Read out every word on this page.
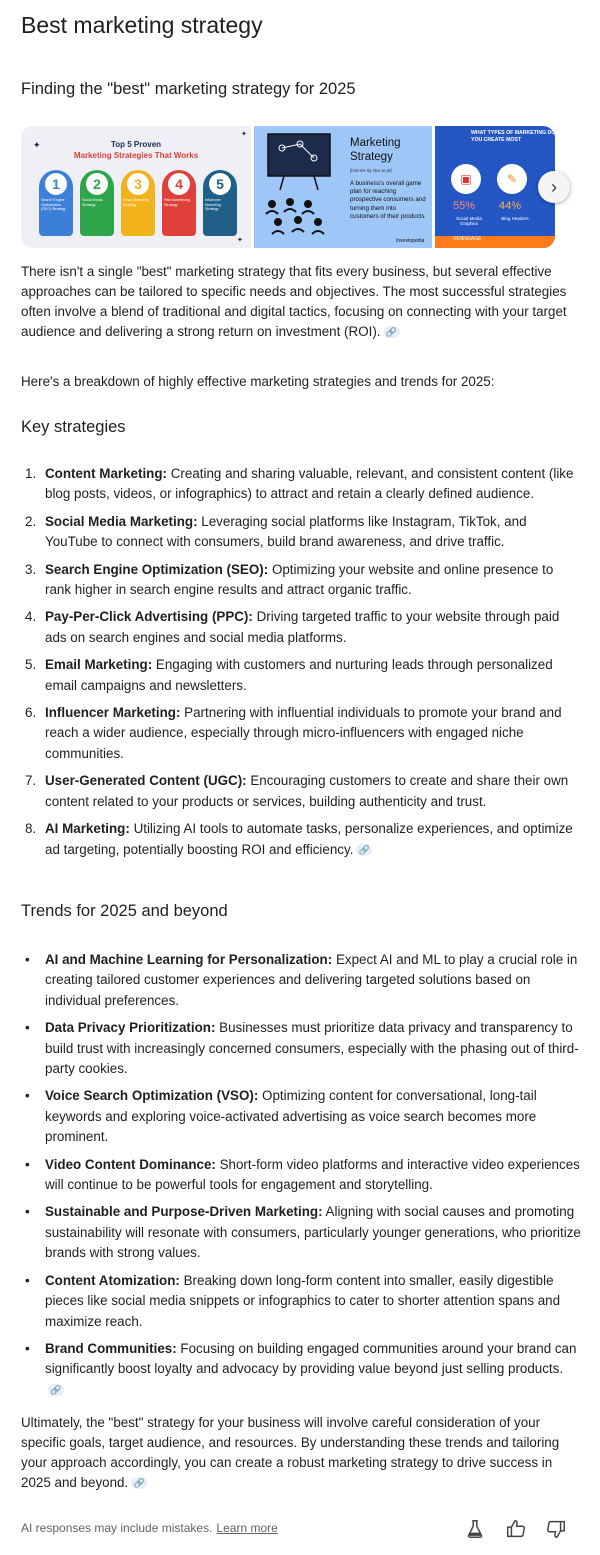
Best marketing strategy
Finding the "best" marketing strategy for 2025
✦
✦
✦
Top 5 Proven
Marketing Strategies That Works
1
Search Engine Optimization (SEO) Strategy
2
Social Media Strategy
3
Email Marketing Strategy
4
Paid Advertising Strategy
5
Influencer Marketing Strategy
Marketing Strategy
[mär-ke-tiŋ stra-te-jē]
A business's overall game plan for reaching prospective consumers and turning them into customers of their products
Investopedia
WHAT TYPES OF MARKETING DO YOU CREATE MOST
▣	✎
55% 44%
Social Media Graphics
Blog Headers
VENNGAGE
›
There isn't a single "best" marketing strategy that fits every business, but several effective approaches can be tailored to specific needs and objectives. The most successful strategies often involve a blend of traditional and digital tactics, focusing on connecting with your target audience and delivering a strong return on investment (ROI). 🔗
Here's a breakdown of highly effective marketing strategies and trends for 2025:
Key strategies
1. Content Marketing: Creating and sharing valuable, relevant, and consistent content (like blog posts, videos, or infographics) to attract and retain a clearly defined audience.
2. Social Media Marketing: Leveraging social platforms like Instagram, TikTok, and YouTube to connect with consumers, build brand awareness, and drive traffic.
3. Search Engine Optimization (SEO): Optimizing your website and online presence to rank higher in search engine results and attract organic traffic.
4. Pay-Per-Click Advertising (PPC): Driving targeted traffic to your website through paid ads on search engines and social media platforms.
5. Email Marketing: Engaging with customers and nurturing leads through personalized email campaigns and newsletters.
6. Influencer Marketing: Partnering with influential individuals to promote your brand and reach a wider audience, especially through micro-influencers with engaged niche communities.
7. User-Generated Content (UGC): Encouraging customers to create and share their own content related to your products or services, building authenticity and trust.
8. AI Marketing: Utilizing AI tools to automate tasks, personalize experiences, and optimize ad targeting, potentially boosting ROI and efficiency. 🔗
Trends for 2025 and beyond
• AI and Machine Learning for Personalization: Expect AI and ML to play a crucial role in creating tailored customer experiences and delivering targeted solutions based on individual preferences.
• Data Privacy Prioritization: Businesses must prioritize data privacy and transparency to build trust with increasingly concerned consumers, especially with the phasing out of third-party cookies.
• Voice Search Optimization (VSO): Optimizing content for conversational, long-tail keywords and exploring voice-activated advertising as voice search becomes more prominent.
• Video Content Dominance: Short-form video platforms and interactive video experiences will continue to be powerful tools for engagement and storytelling.
• Sustainable and Purpose-Driven Marketing: Aligning with social causes and promoting sustainability will resonate with consumers, particularly younger generations, who prioritize brands with strong values.
• Content Atomization: Breaking down long-form content into smaller, easily digestible pieces like social media snippets or infographics to cater to shorter attention spans and maximize reach.
• Brand Communities: Focusing on building engaged communities around your brand can significantly boost loyalty and advocacy by providing value beyond just selling products.🔗
Ultimately, the "best" strategy for your business will involve careful consideration of your specific goals, target audience, and resources. By understanding these trends and tailoring your approach accordingly, you can create a robust marketing strategy to drive success in 2025 and beyond. 🔗
AI responses may include mistakes. Learn more
